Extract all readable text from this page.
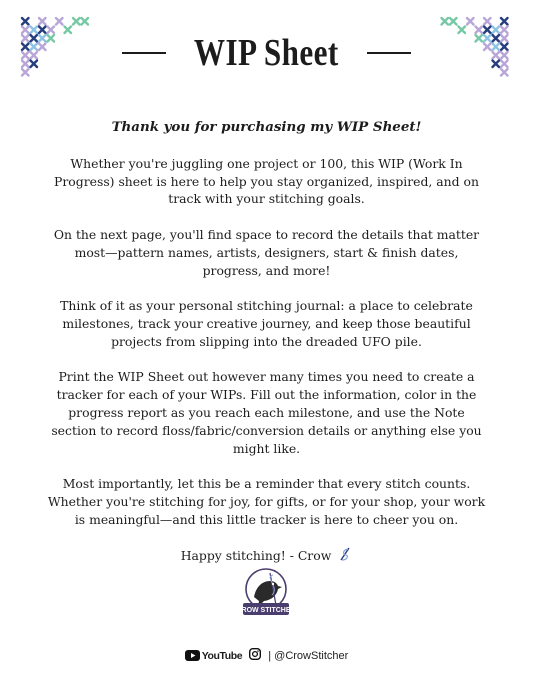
WIP Sheet

Thank you for purchasing my WIP Sheet!

Whether you're juggling one project or 100, this WIP (Work In Progress) sheet is here to help you stay organized, inspired, and on track with your stitching goals.

On the next page, you'll find space to record the details that matter most—pattern names, artists, designers, start & finish dates, progress, and more!

Think of it as your personal stitching journal: a place to celebrate milestones, track your creative journey, and keep those beautiful projects from slipping into the dreaded UFO pile.

Print the WIP Sheet out however many times you need to create a tracker for each of your WIPs. Fill out the information, color in the progress report as you reach each milestone, and use the Note section to record floss/fabric/conversion details or anything else you might like.

Most importantly, let this be a reminder that every stitch counts. Whether you're stitching for joy, for gifts, or for your shop, your work is meaningful—and this little tracker is here to cheer you on.

Happy stitching! - Crow

CROW STITCHER
YouTube | @CrowStitcher
